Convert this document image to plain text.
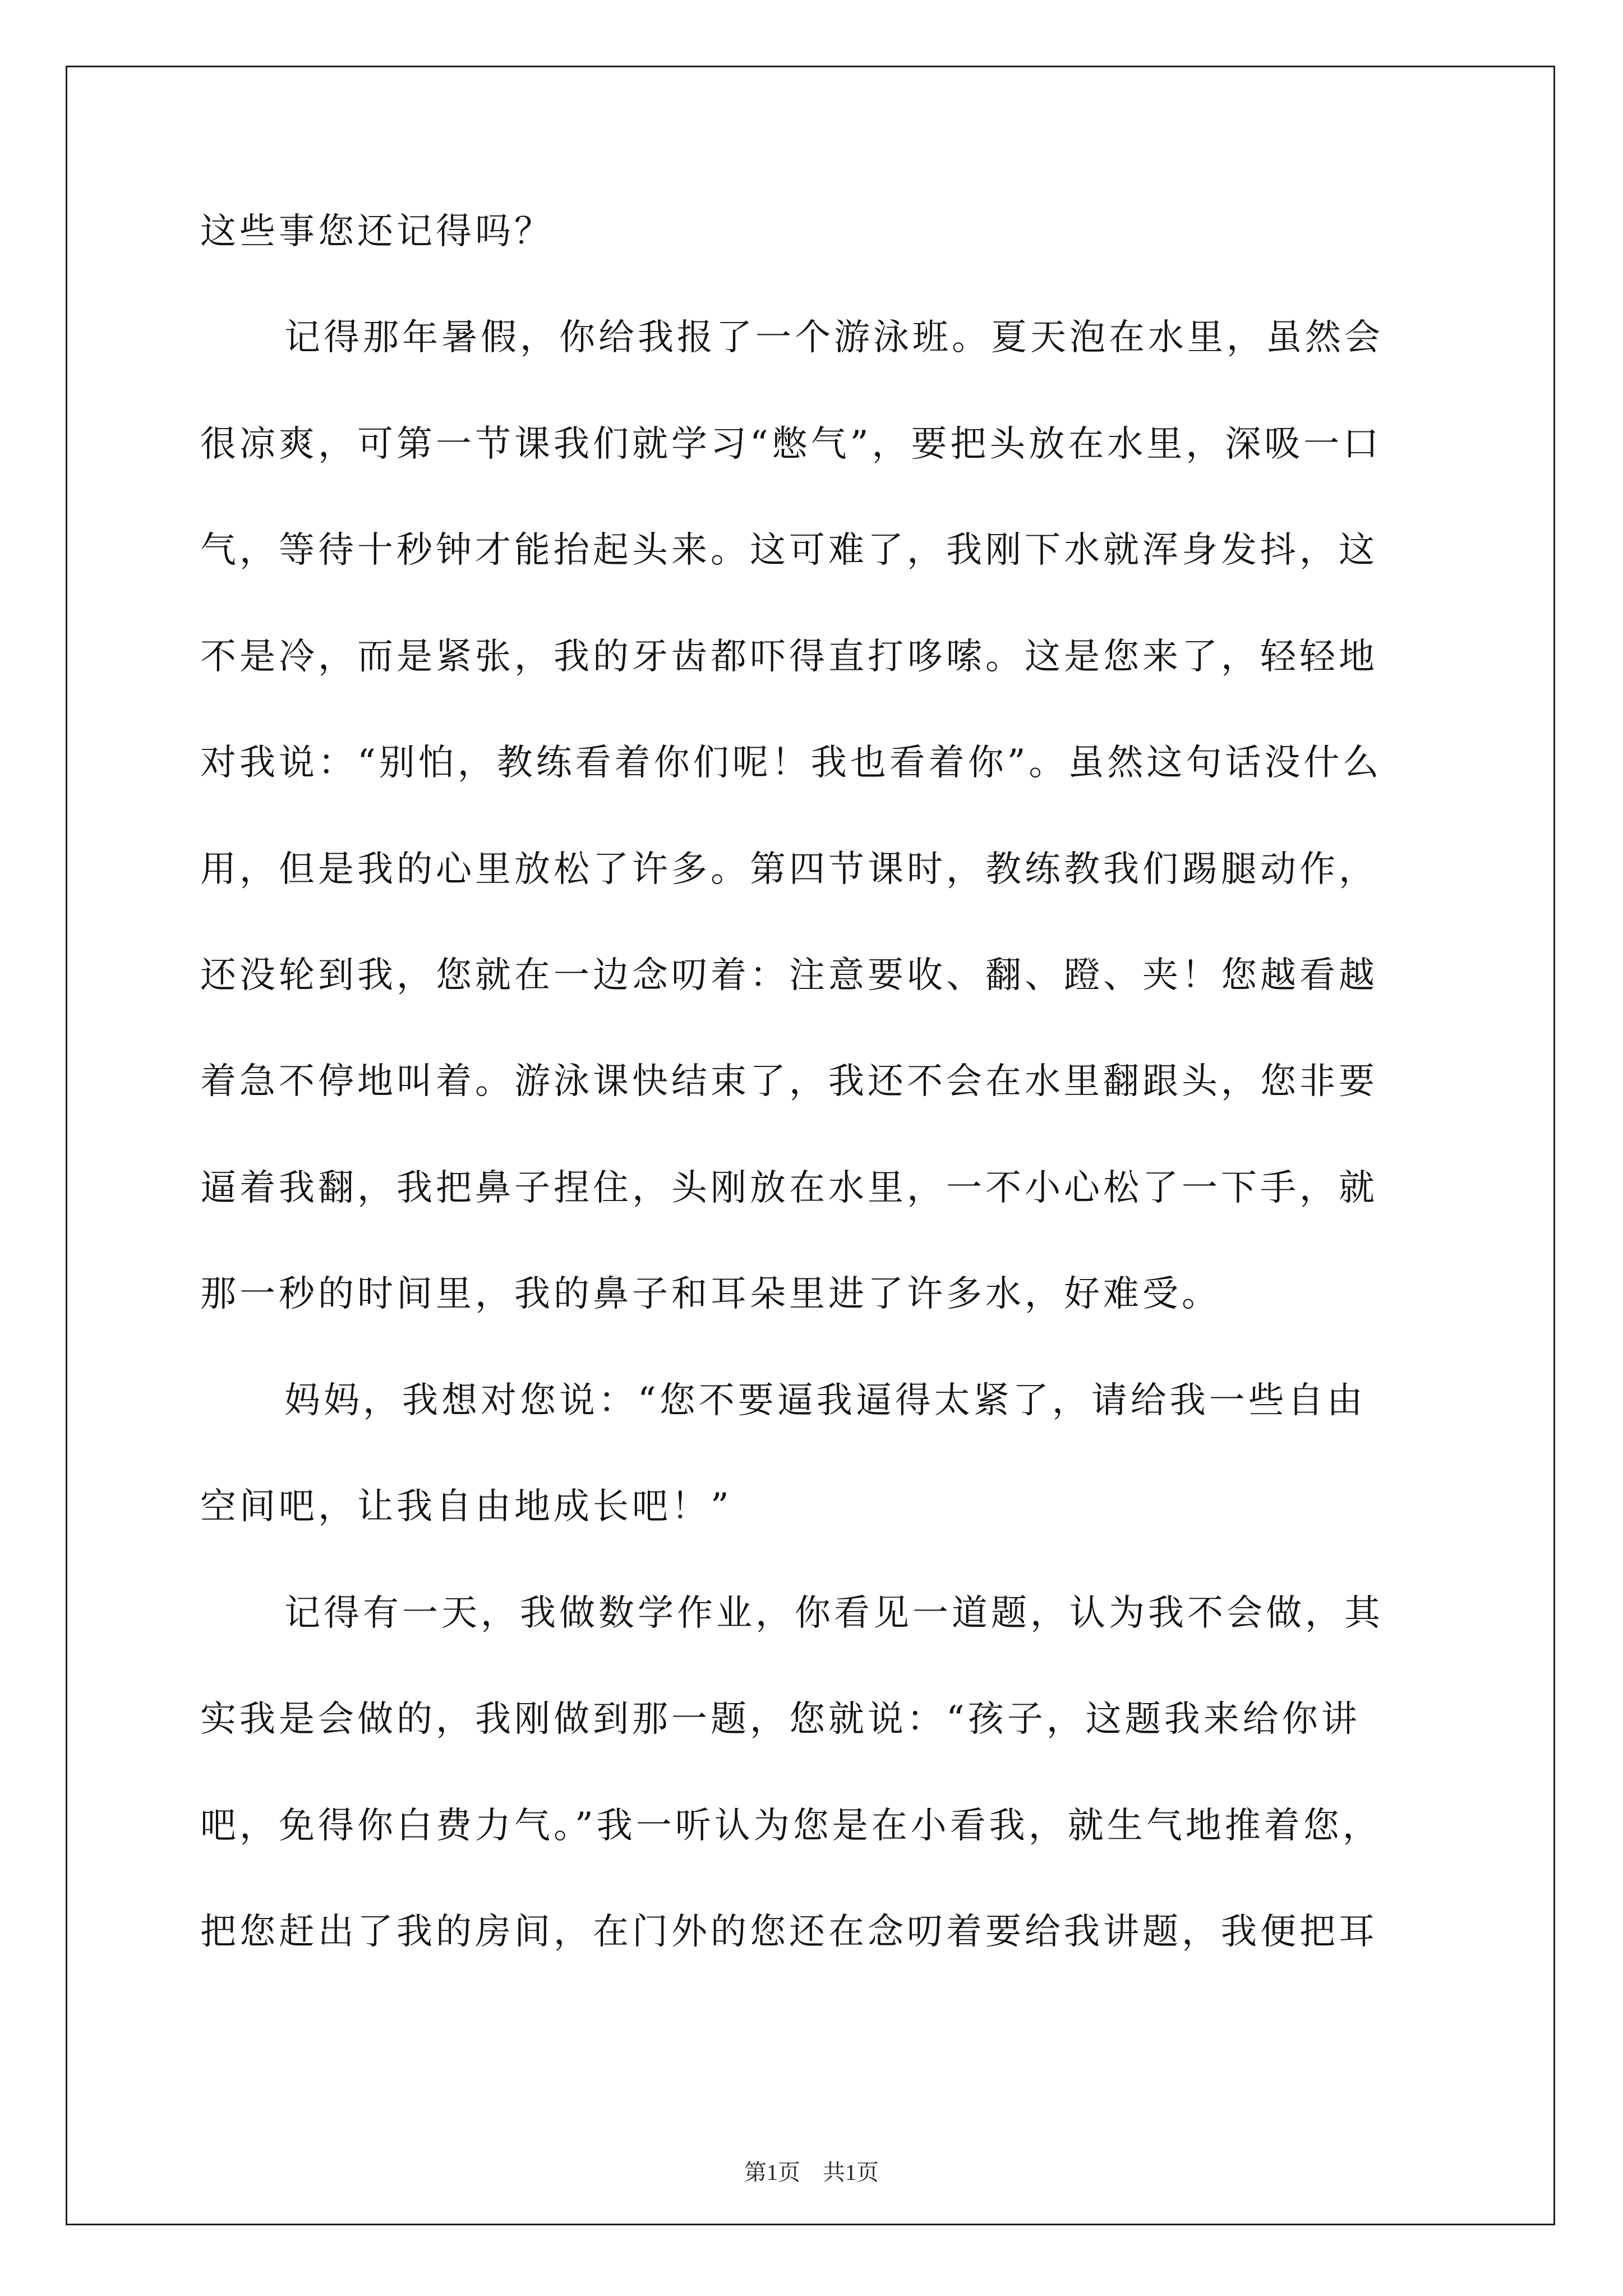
这些事您还记得吗？
记得那年暑假，你给我报了一个游泳班。夏天泡在水里，虽然会
很凉爽，可第一节课我们就学习“憋气”，要把头放在水里，深吸一口
气，等待十秒钟才能抬起头来。这可难了，我刚下水就浑身发抖，这
不是冷，而是紧张，我的牙齿都吓得直打哆嗦。这是您来了，轻轻地
对我说：“别怕，教练看着你们呢！我也看着你”。虽然这句话没什么
用，但是我的心里放松了许多。第四节课时，教练教我们踢腿动作，
还没轮到我，您就在一边念叨着：注意要收、翻、蹬、夹！您越看越
着急不停地叫着。游泳课快结束了，我还不会在水里翻跟头，您非要
逼着我翻，我把鼻子捏住，头刚放在水里，一不小心松了一下手，就
那一秒的时间里，我的鼻子和耳朵里进了许多水，好难受。
妈妈，我想对您说：“您不要逼我逼得太紧了，请给我一些自由
空间吧，让我自由地成长吧！”
记得有一天，我做数学作业，你看见一道题，认为我不会做，其
实我是会做的，我刚做到那一题，您就说：“孩子，这题我来给你讲
吧，免得你白费力气。”我一听认为您是在小看我，就生气地推着您，
把您赶出了我的房间，在门外的您还在念叨着要给我讲题，我便把耳
第1页　共1页
